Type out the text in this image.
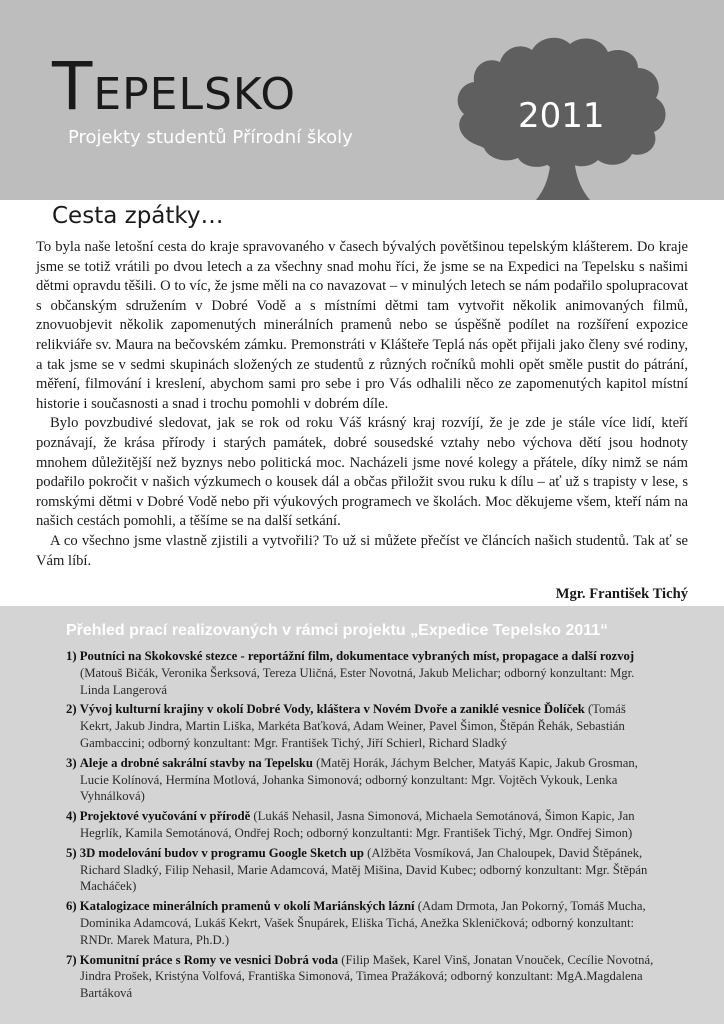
TEPELSKO
Projekty studentů Přírodní školy
2011
Cesta zpátky…

To byla naše letošní cesta do kraje spravovaného v časech bývalých povětšinou tepelským klášterem. Do kraje jsme se totiž vrátili po dvou letech a za všechny snad mohu říci, že jsme se na Expedici na Tepelsku s našimi dětmi opravdu těšili. O to víc, že jsme měli na co navazovat – v minulých letech se nám podařilo spolupracovat s občanským sdružením v Dobré Vodě a s místními dětmi tam vytvořit několik animovaných filmů, znovuobjevit několik zapomenutých minerálních pramenů nebo se úspěšně podílet na rozšíření expozice relikviáře sv. Maura na bečovském zámku. Premonstráti v Klášteře Teplá nás opět přijali jako členy své rodiny, a tak jsme se v sedmi skupinách složených ze studentů z různých ročníků mohli opět směle pustit do pátrání, měření, filmování i kreslení, abychom sami pro sebe i pro Vás odhalili něco ze zapomenutých kapitol místní historie i současnosti a snad i trochu pomohli v dobrém díle.

Bylo povzbudivé sledovat, jak se rok od roku Váš krásný kraj rozvíjí, že je zde je stále více lidí, kteří poznávají, že krása přírody i starých památek, dobré sousedské vztahy nebo výchova dětí jsou hodnoty mnohem důležitější než byznys nebo politická moc. Nacházeli jsme nové kolegy a přátele, díky nimž se nám podařilo pokročit v našich výzkumech o kousek dál a občas přiložit svou ruku k dílu – ať už s trapisty v lese, s romskými dětmi v Dobré Vodě nebo při výukových programech ve školách. Moc děkujeme všem, kteří nám na našich cestách pomohli, a těšíme se na další setkání.

A co všechno jsme vlastně zjistili a vytvořili? To už si můžete přečíst ve článcích našich studentů. Tak ať se Vám líbí.

Mgr. František Tichý
Přehled prací realizovaných v rámci projektu „Expedice Tepelsko 2011“
1) Poutníci na Skokovské stezce - reportážní film, dokumentace vybraných míst, propagace a další rozvoj (Matouš Bičák, Veronika Šerksová, Tereza Uličná, Ester Novotná, Jakub Melichar; odborný konzultant: Mgr. Linda Langerová
2) Vývoj kulturní krajiny v okolí Dobré Vody, kláštera v Novém Dvoře a zaniklé vesnice Ďolíček (Tomáš Kekrt, Jakub Jindra, Martin Liška, Markéta Baťková, Adam Weiner, Pavel Šimon, Štěpán Řehák, Sebastián Gambaccini; odborný konzultant: Mgr. František Tichý, Jiří Schierl, Richard Sladký
3) Aleje a drobné sakrální stavby na Tepelsku (Matěj Horák, Jáchym Belcher, Matyáš Kapic, Jakub Grosman, Lucie Kolínová, Hermína Motlová, Johanka Simonová; odborný konzultant: Mgr. Vojtěch Vykouk, Lenka Vyhnálková)
4) Projektové vyučování v přírodě (Lukáš Nehasil, Jasna Simonová, Michaela Semotánová, Šimon Kapic, Jan Hegrlík, Kamila Semotánová, Ondřej Roch; odborný konzultanti: Mgr. František Tichý, Mgr. Ondřej Simon)
5) 3D modelování budov v programu Google Sketch up (Alžběta Vosmíková, Jan Chaloupek, David Štěpánek, Richard Sladký, Filip Nehasil, Marie Adamcová, Matěj Mišina, David Kubec; odborný konzultant: Mgr. Štěpán Macháček)
6) Katalogizace minerálních pramenů v okolí Mariánských lázní (Adam Drmota, Jan Pokorný, Tomáš Mucha, Dominika Adamcová, Lukáš Kekrt, Vašek Šnupárek, Eliška Tichá, Anežka Skleničková; odborný konzultant: RNDr. Marek Matura, Ph.D.)
7) Komunitní práce s Romy ve vesnici Dobrá voda (Filip Mašek, Karel Vinš, Jonatan Vnouček, Cecílie Novotná, Jindra Prošek, Kristýna Volfová, Františka Simonová, Timea Pražáková; odborný konzultant: MgA.Magdalena Bartáková
